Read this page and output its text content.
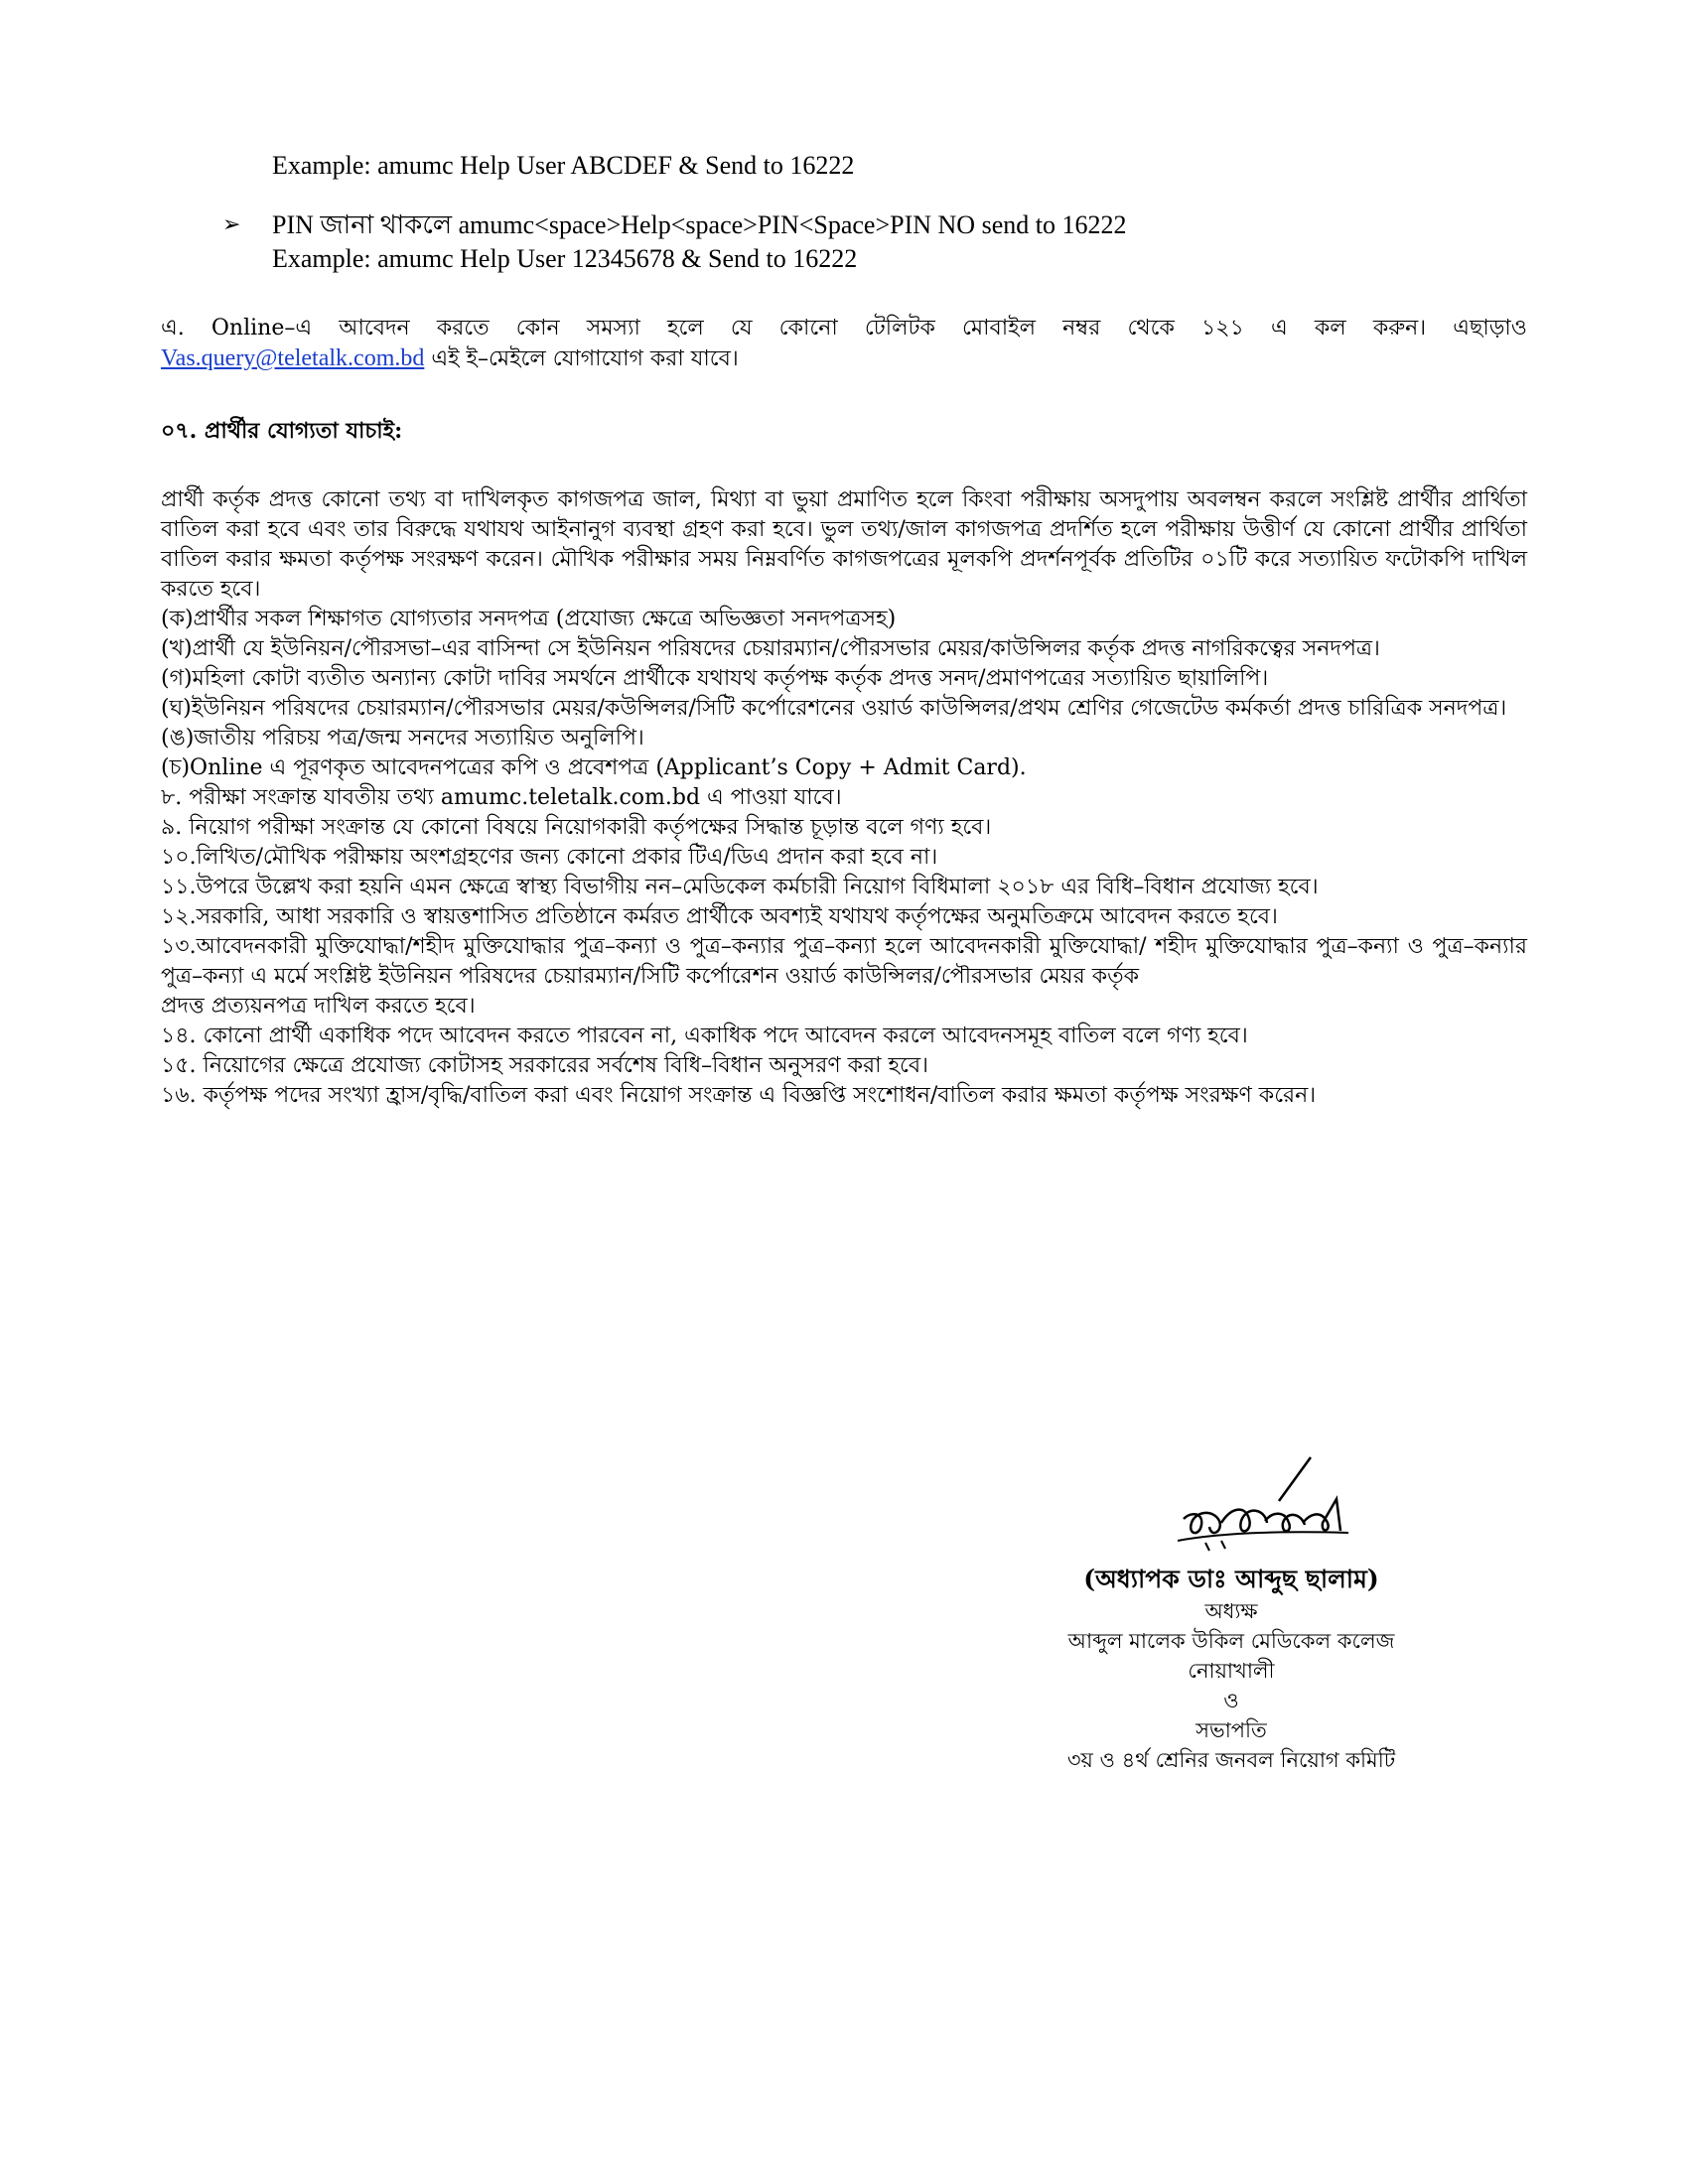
Example: amumc Help User ABCDEF & Send to 16222
➢	PIN জানা থাকলে amumc<space>Help<space>PIN<Space>PIN NO send to 16222
Example: amumc Help User 12345678 & Send to 16222
এ. Online–এ আবেদন করতে কোন সমস্যা হলে যে কোনো টেলিটক মোবাইল নম্বর থেকে ১২১ এ কল করুন। এছাড়াও
Vas.query@teletalk.com.bd এই ই–মেইলে যোগাযোগ করা যাবে।
০৭. প্রার্থীর যোগ্যতা যাচাই:
প্রার্থী কর্তৃক প্রদত্ত কোনো তথ্য বা দাখিলকৃত কাগজপত্র জাল, মিথ্যা বা ভুয়া প্রমাণিত হলে কিংবা পরীক্ষায় অসদুপায় অবলম্বন করলে সংশ্লিষ্ট প্রার্থীর প্রার্থিতা বাতিল করা হবে এবং তার বিরুদ্ধে যথাযথ আইনানুগ ব্যবস্থা গ্রহণ করা হবে। ভুল তথ্য/জাল কাগজপত্র প্রদর্শিত হলে পরীক্ষায় উত্তীর্ণ যে কোনো প্রার্থীর প্রার্থিতা বাতিল করার ক্ষমতা কর্তৃপক্ষ সংরক্ষণ করেন। মৌখিক পরীক্ষার সময় নিম্নবর্ণিত কাগজপত্রের মূলকপি প্রদর্শনপূর্বক প্রতিটির ০১টি করে সত্যায়িত ফটোকপি দাখিল করতে হবে।
(ক)প্রার্থীর সকল শিক্ষাগত যোগ্যতার সনদপত্র (প্রযোজ্য ক্ষেত্রে অভিজ্ঞতা সনদপত্রসহ)
(খ)প্রার্থী যে ইউনিয়ন/পৌরসভা–এর বাসিন্দা সে ইউনিয়ন পরিষদের চেয়ারম্যান/পৌরসভার মেয়র/কাউন্সিলর কর্তৃক প্রদত্ত নাগরিকত্বের সনদপত্র।
(গ)মহিলা কোটা ব্যতীত অন্যান্য কোটা দাবির সমর্থনে প্রার্থীকে যথাযথ কর্তৃপক্ষ কর্তৃক প্রদত্ত সনদ/প্রমাণপত্রের সত্যায়িত ছায়ালিপি।
(ঘ)ইউনিয়ন পরিষদের চেয়ারম্যান/পৌরসভার মেয়র/কউন্সিলর/সিটি কর্পোরেশনের ওয়ার্ড কাউন্সিলর/প্রথম শ্রেণির গেজেটেড কর্মকর্তা প্রদত্ত চারিত্রিক সনদপত্র।
(ঙ)জাতীয় পরিচয় পত্র/জন্ম সনদের সত্যায়িত অনুলিপি।
(চ)Online এ পূরণকৃত আবেদনপত্রের কপি ও প্রবেশপত্র (Applicant’s Copy + Admit Card).
৮. পরীক্ষা সংক্রান্ত যাবতীয় তথ্য amumc.teletalk.com.bd এ পাওয়া যাবে।
৯. নিয়োগ পরীক্ষা সংক্রান্ত যে কোনো বিষয়ে নিয়োগকারী কর্তৃপক্ষের সিদ্ধান্ত চূড়ান্ত বলে গণ্য হবে।
১০.লিখিত/মৌখিক পরীক্ষায় অংশগ্রহণের জন্য কোনো প্রকার টিএ/ডিএ প্রদান করা হবে না।
১১.উপরে উল্লেখ করা হয়নি এমন ক্ষেত্রে স্বাস্থ্য বিভাগীয় নন–মেডিকেল কর্মচারী নিয়োগ বিধিমালা ২০১৮ এর বিধি–বিধান প্রযোজ্য হবে।
১২.সরকারি, আধা সরকারি ও স্বায়ত্তশাসিত প্রতিষ্ঠানে কর্মরত প্রার্থীকে অবশ্যই যথাযথ কর্তৃপক্ষের অনুমতিক্রমে আবেদন করতে হবে।
১৩.আবেদনকারী মুক্তিযোদ্ধা/শহীদ মুক্তিযোদ্ধার পুত্র–কন্যা ও পুত্র–কন্যার পুত্র–কন্যা হলে আবেদনকারী মুক্তিযোদ্ধা/ শহীদ মুক্তিযোদ্ধার পুত্র–কন্যা ও পুত্র–কন্যার পুত্র–কন্যা এ মর্মে সংশ্লিষ্ট ইউনিয়ন পরিষদের চেয়ারম্যান/সিটি কর্পোরেশন ওয়ার্ড কাউন্সিলর/পৌরসভার মেয়র কর্তৃক
প্রদত্ত প্রত্যয়নপত্র দাখিল করতে হবে।
১৪. কোনো প্রার্থী একাধিক পদে আবেদন করতে পারবেন না, একাধিক পদে আবেদন করলে আবেদনসমূহ বাতিল বলে গণ্য হবে।
১৫. নিয়োগের ক্ষেত্রে প্রযোজ্য কোটাসহ সরকারের সর্বশেষ বিধি–বিধান অনুসরণ করা হবে।
১৬. কর্তৃপক্ষ পদের সংখ্যা হ্রাস/বৃদ্ধি/বাতিল করা এবং নিয়োগ সংক্রান্ত এ বিজ্ঞপ্তি সংশোধন/বাতিল করার ক্ষমতা কর্তৃপক্ষ সংরক্ষণ করেন।
(অধ্যাপক ডাঃ আব্দুছ ছালাম)
অধ্যক্ষ
আব্দুল মালেক উকিল মেডিকেল কলেজ
নোয়াখালী
ও
সভাপতি
৩য় ও ৪র্থ শ্রেনির জনবল নিয়োগ কমিটি
